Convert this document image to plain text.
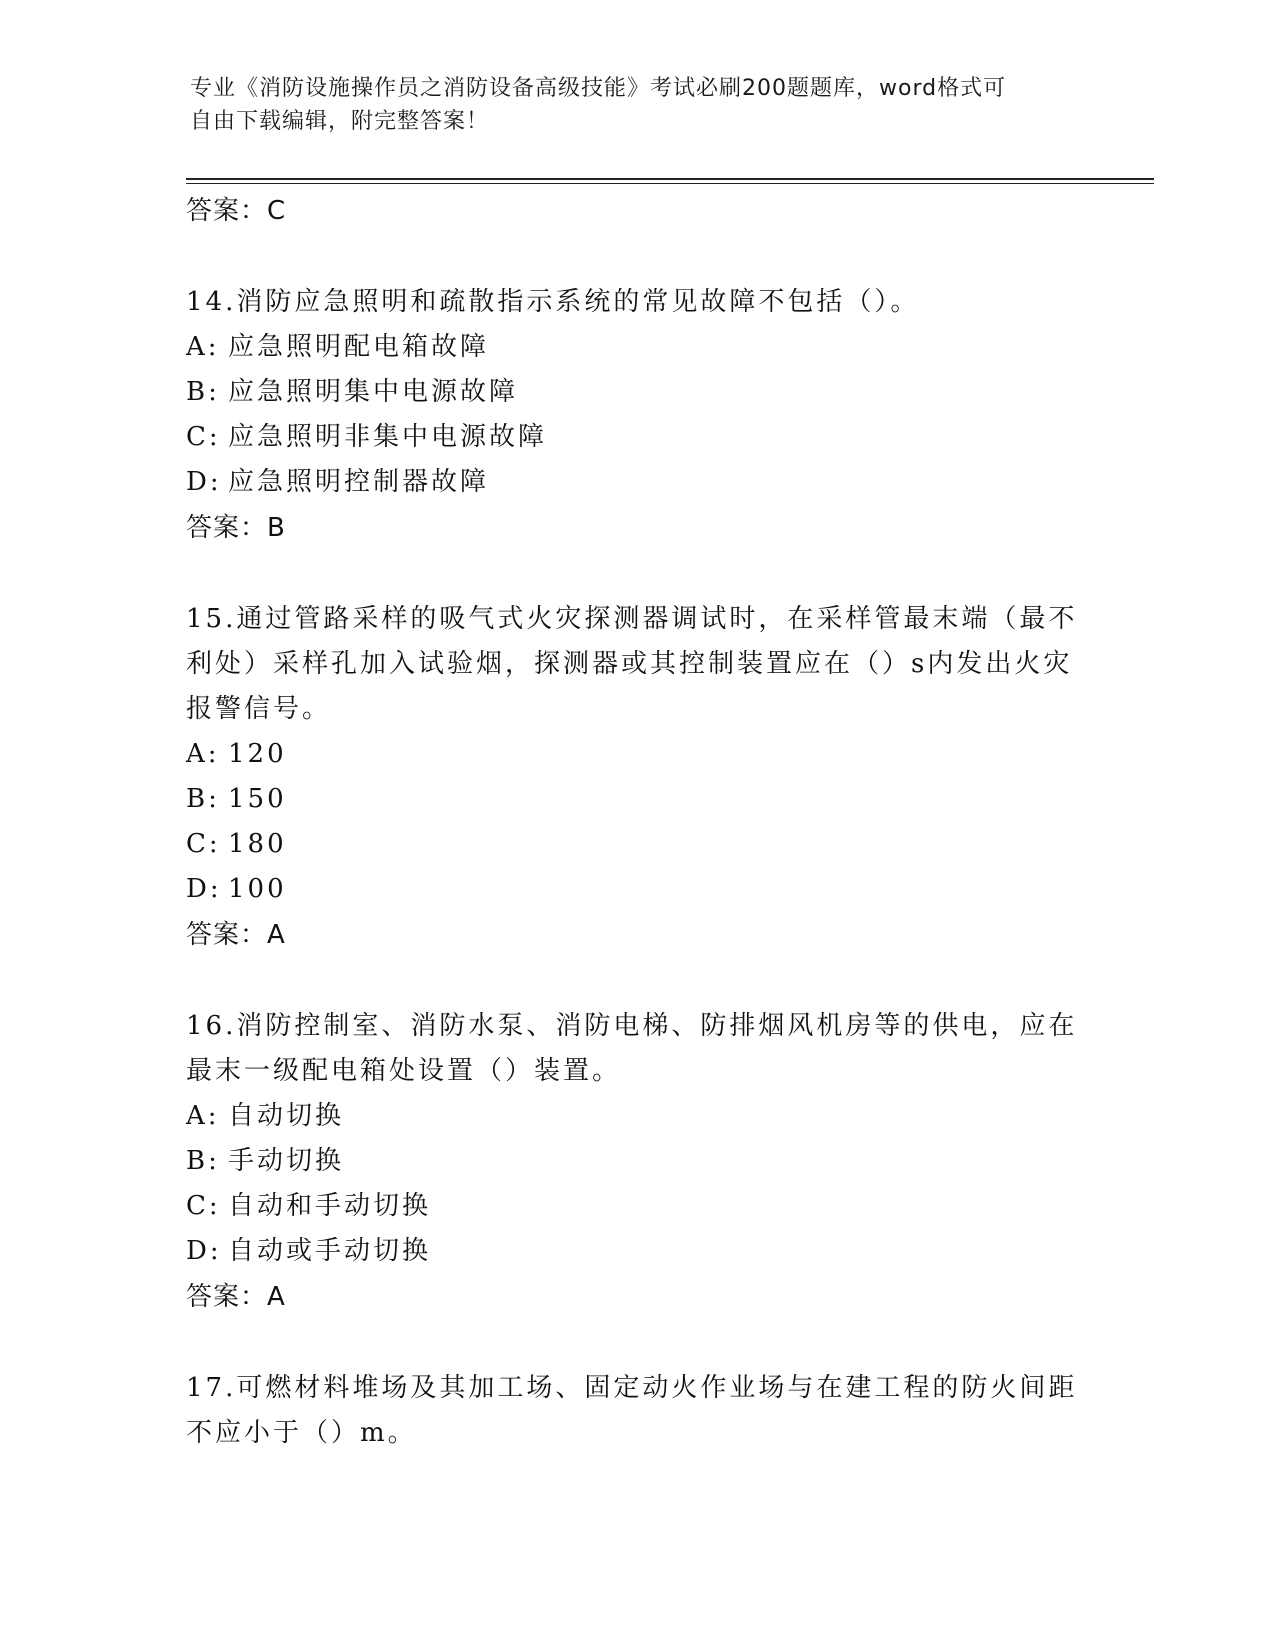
专业《消防设施操作员之消防设备高级技能》考试必刷200题题库，word格式可
自由下载编辑，附完整答案！

答案：C

14.消防应急照明和疏散指示系统的常见故障不包括（）。

A: 应急照明配电箱故障

B: 应急照明集中电源故障

C: 应急照明非集中电源故障

D: 应急照明控制器故障

答案：B

15.通过管路采样的吸气式火灾探测器调试时，在采样管最末端（最不利处）采样孔加入试验烟，探测器或其控制装置应在（）s内发出火灾报警信号。

A: 120

B: 150

C: 180

D: 100

答案：A

16.消防控制室、消防水泵、消防电梯、防排烟风机房等的供电，应在最末一级配电箱处设置（）装置。

A: 自动切换

B: 手动切换

C: 自动和手动切换

D: 自动或手动切换

答案：A

17.可燃材料堆场及其加工场、固定动火作业场与在建工程的防火间距不应小于（）m。
